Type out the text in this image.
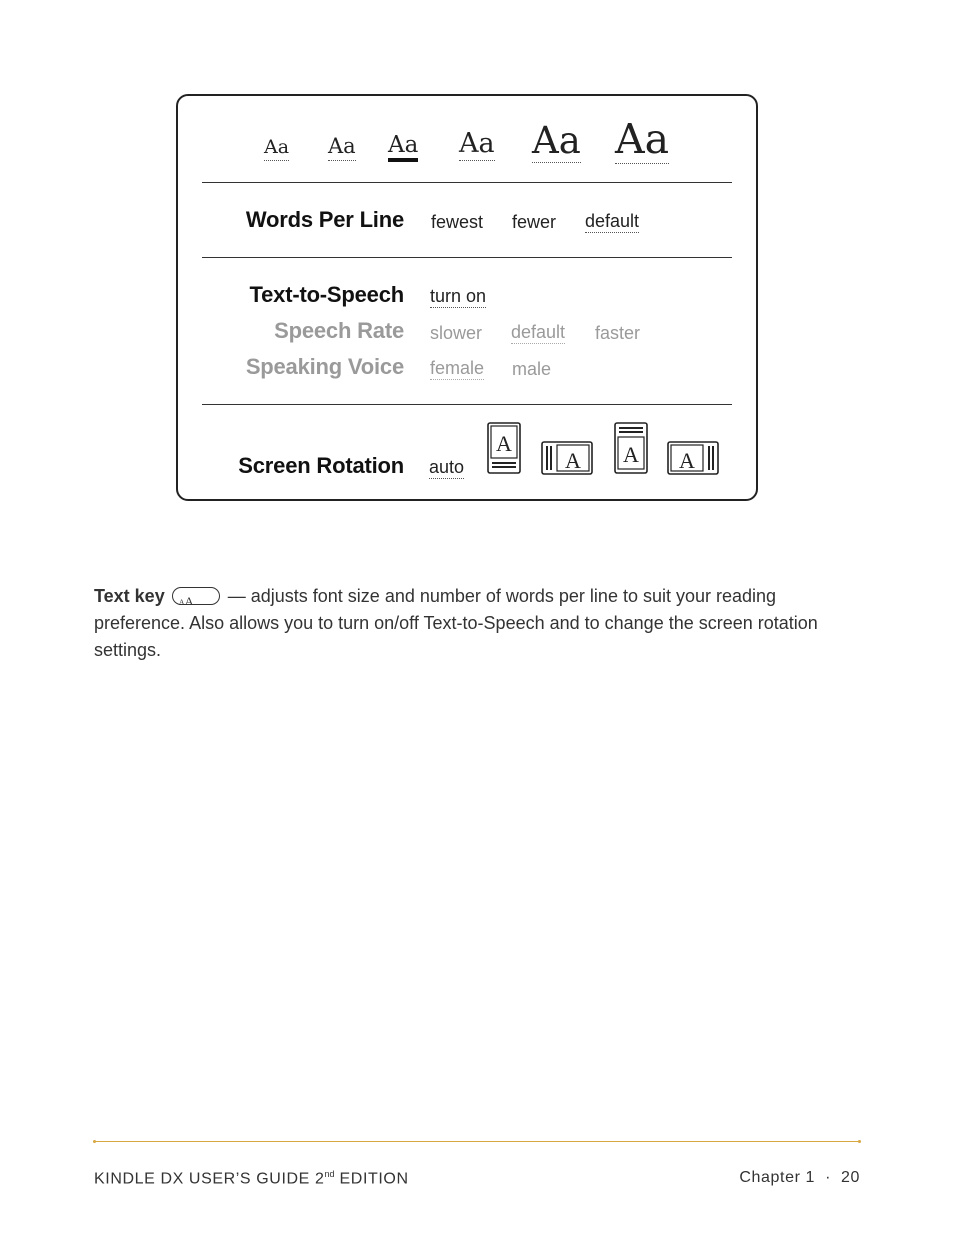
Aa Aa Aa Aa Aa Aa
Words Per Line fewest fewer default
Text-to-Speech turn on
Speech Rate slower default faster
Speaking Voice female male
Screen Rotation auto
A
A A A
Text key A
A — adjusts font size and number of words per line to suit your reading preference. Also allows you to turn on/off Text-to-Speech and to change the screen rotation settings.
KINDLE DX USER’S GUIDE 2nd EDITION	Chapter 1 · 20
